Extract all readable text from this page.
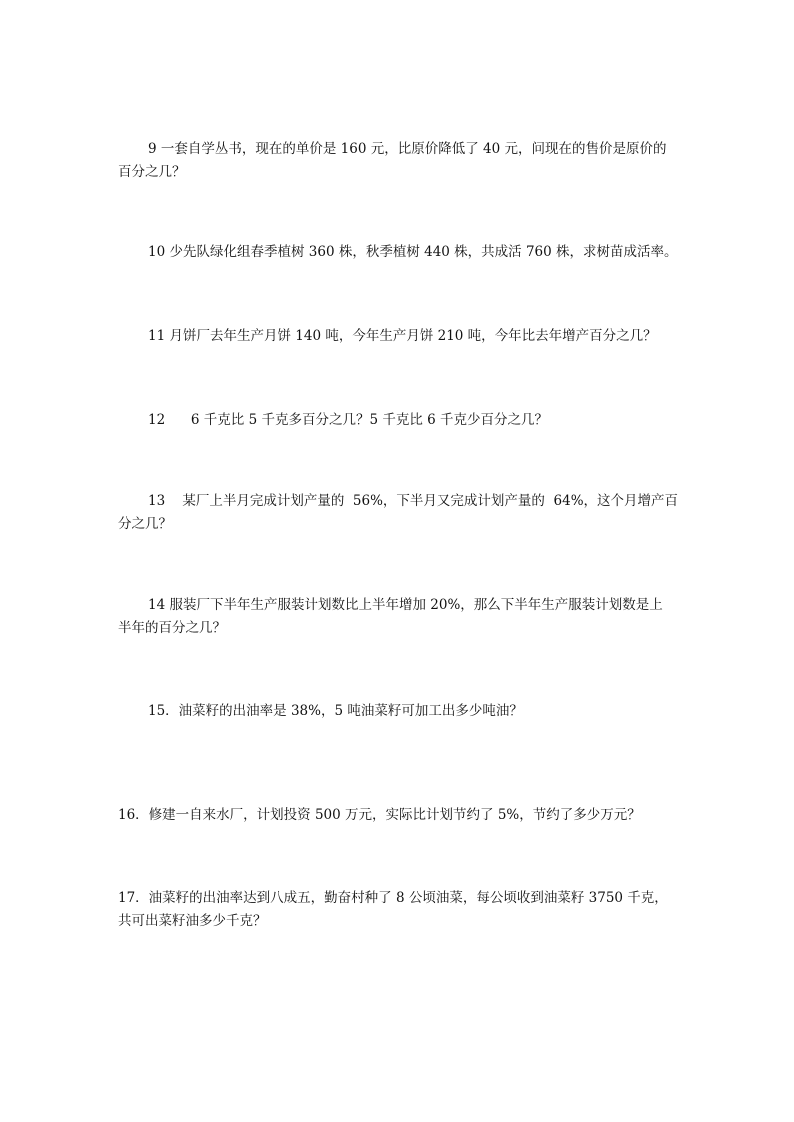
9 一套自学丛书，现在的单价是 160 元，比原价降低了 40 元，问现在的售价是原价的
百分之几？

10 少先队绿化组春季植树 360 株，秋季植树 440 株，共成活 760 株，求树苗成活率。

11 月饼厂去年生产月饼 140 吨，今年生产月饼 210 吨，今年比去年增产百分之几？

12      6 千克比 5 千克多百分之几？5 千克比 6 千克少百分之几？

13    某厂上半月完成计划产量的  56%，下半月又完成计划产量的  64%，这个月增产百
分之几？

14 服装厂下半年生产服装计划数比上半年增加 20%，那么下半年生产服装计划数是上
半年的百分之几？

15．油菜籽的出油率是 38%，5 吨油菜籽可加工出多少吨油？

16．修建一自来水厂，计划投资 500 万元，实际比计划节约了 5%，节约了多少万元？

17．油菜籽的出油率达到八成五，勤奋村种了 8 公顷油菜，每公顷收到油菜籽 3750 千克，
共可出菜籽油多少千克？
